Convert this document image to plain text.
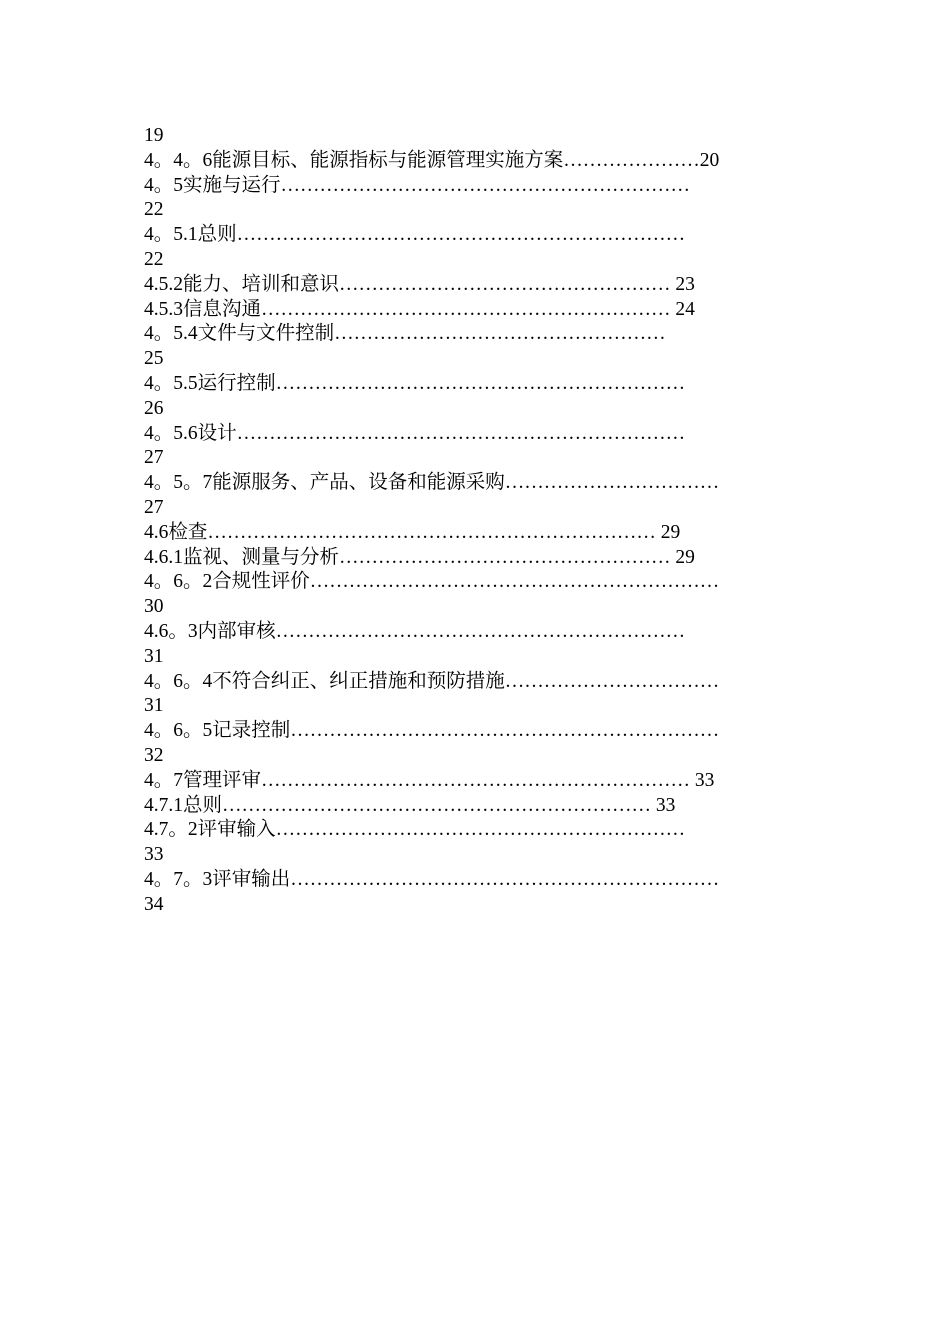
19
4。4。6能源目标、能源指标与能源管理实施方案…………………20
4。5实施与运行………………………………………………………
22
4。5.1总则……………………………………………………………
22
4.5.2能力、培训和意识…………………………………………… 23
4.5.3信息沟通……………………………………………………… 24
4。5.4文件与文件控制……………………………………………
25
4。5.5运行控制………………………………………………………
26
4。5.6设计……………………………………………………………
27
4。5。7能源服务、产品、设备和能源采购……………………………
27
4.6检查…………………………………………………………… 29
4.6.1监视、测量与分析…………………………………………… 29
4。6。2合规性评价………………………………………………………
30
4.6。3内部审核………………………………………………………
31
4。6。4不符合纠正、纠正措施和预防措施……………………………
31
4。6。5记录控制…………………………………………………………
32
4。7管理评审………………………………………………………… 33
4.7.1总则………………………………………………………… 33
4.7。2评审输入………………………………………………………
33
4。7。3评审输出…………………………………………………………
34
